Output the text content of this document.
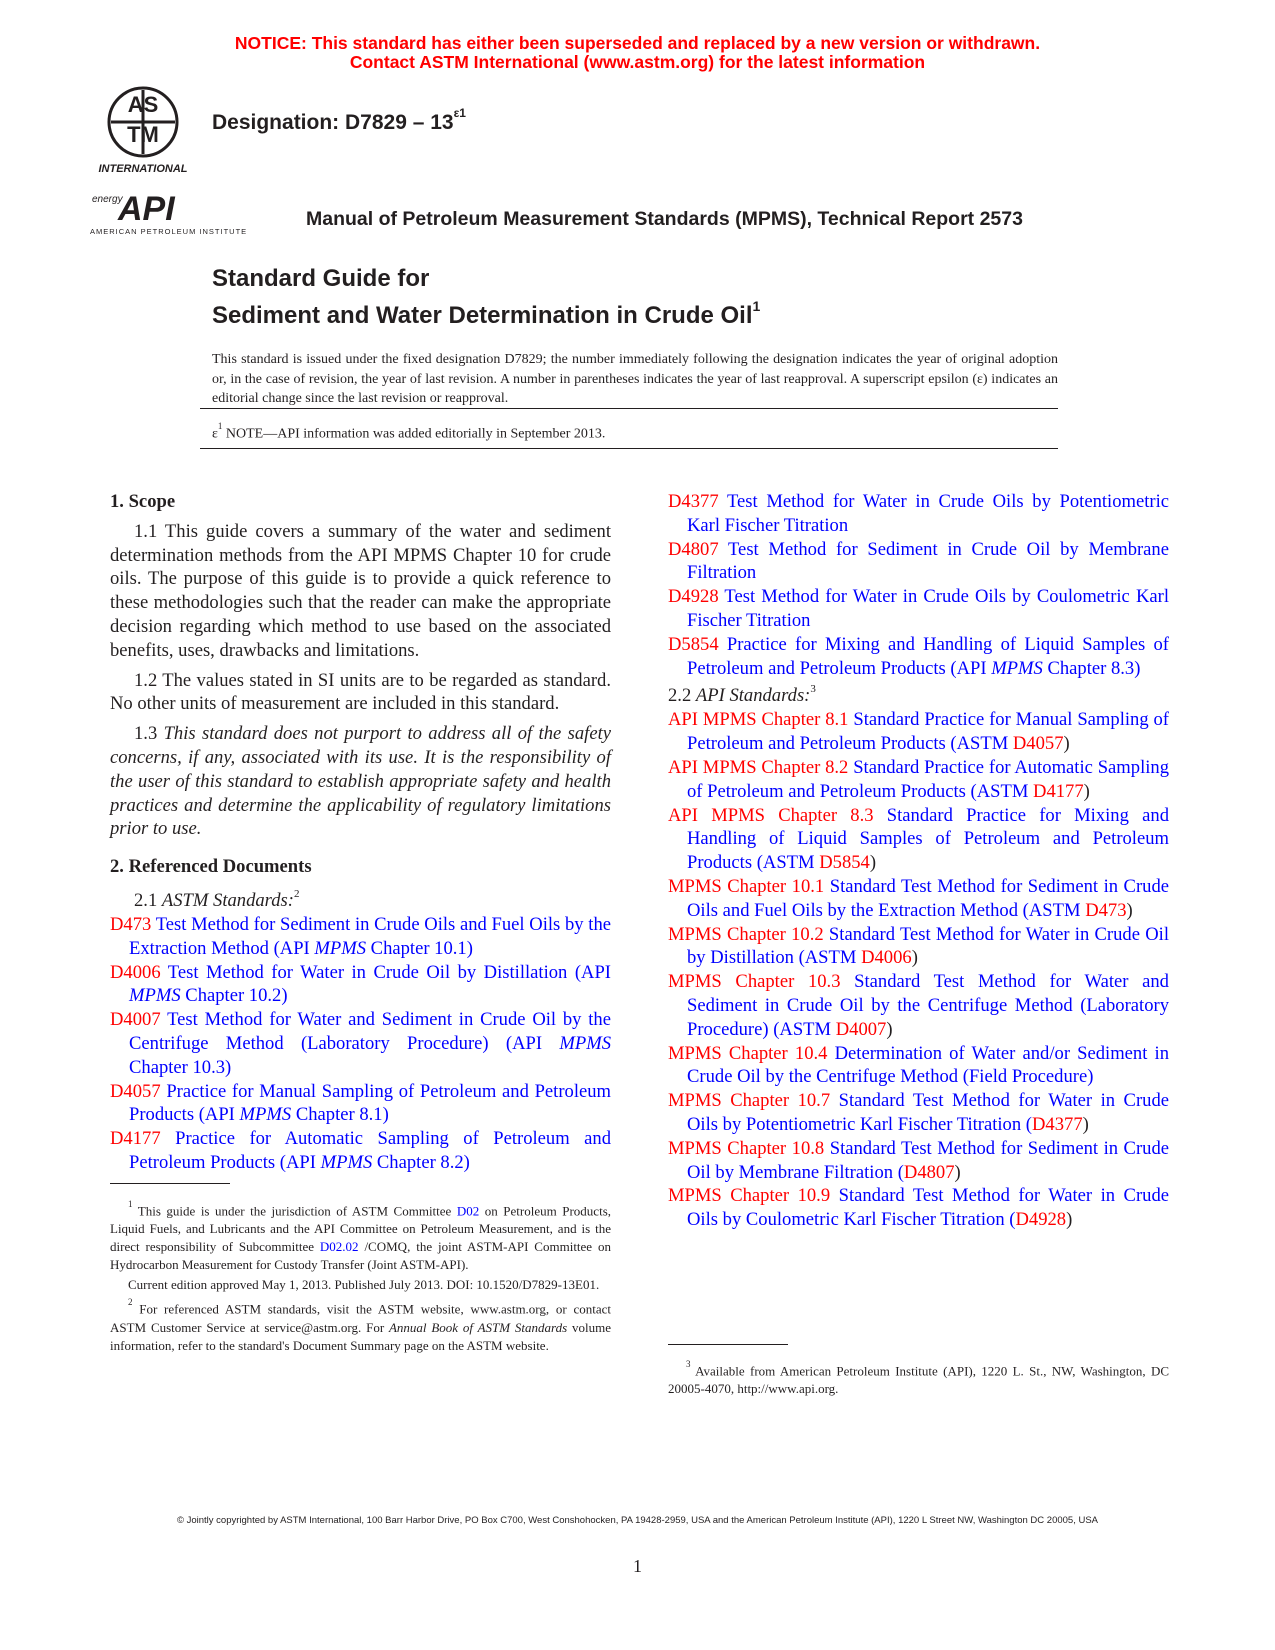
NOTICE: This standard has either been superseded and replaced by a new version or withdrawn.
Contact ASTM International (www.astm.org) for the latest information
AS
TM
INTERNATIONAL
Designation: $D7829 - 13^{\varepsilon 1}$
energy
API
AMERICAN PETROLEUM INSTITUTE
Manual of Petroleum Measurement Standards (MPMS), Technical Report 2573
Standard Guide for
Sediment and Water Determination in Crude Oil$^1$
This standard is issued under the fixed designation D7829; the number immediately following the designation indicates the year of original adoption or, in the case of revision, the year of last revision. A number in parentheses indicates the year of last reapproval. A superscript epsilon (ε) indicates an editorial change since the last revision or reapproval.
$\varepsilon^1$ NOTE—API information was added editorially in September 2013.
1. Scope

1.1 This guide covers a summary of the water and sediment determination methods from the API MPMS Chapter 10 for crude oils. The purpose of this guide is to provide a quick reference to these methodologies such that the reader can make the appropriate decision regarding which method to use based on the associated benefits, uses, drawbacks and limitations.

1.2 The values stated in SI units are to be regarded as standard. No other units of measurement are included in this standard.

1.3 This standard does not purport to address all of the safety concerns, if any, associated with its use. It is the responsibility of the user of this standard to establish appropriate safety and health practices and determine the applicability of regulatory limitations prior to use.

2. Referenced Documents
2.1 ASTM Standards:$^2$
D473 Test Method for Sediment in Crude Oils and Fuel Oils by the Extraction Method (API MPMS Chapter 10.1)
D4006 Test Method for Water in Crude Oil by Distillation (API MPMS Chapter 10.2)
D4007 Test Method for Water and Sediment in Crude Oil by the Centrifuge Method (Laboratory Procedure) (API MPMS Chapter 10.3)
D4057 Practice for Manual Sampling of Petroleum and Petroleum Products (API MPMS Chapter 8.1)
D4177 Practice for Automatic Sampling of Petroleum and Petroleum Products (API MPMS Chapter 8.2)
D4377 Test Method for Water in Crude Oils by Potentiometric Karl Fischer Titration
D4807 Test Method for Sediment in Crude Oil by Membrane Filtration
D4928 Test Method for Water in Crude Oils by Coulometric Karl Fischer Titration
D5854 Practice for Mixing and Handling of Liquid Samples of Petroleum and Petroleum Products (API MPMS Chapter 8.3)
2.2 API Standards:$^3$
API MPMS Chapter 8.1 Standard Practice for Manual Sampling of Petroleum and Petroleum Products (ASTM D4057)
API MPMS Chapter 8.2 Standard Practice for Automatic Sampling of Petroleum and Petroleum Products (ASTM D4177)
API MPMS Chapter 8.3 Standard Practice for Mixing and Handling of Liquid Samples of Petroleum and Petroleum Products (ASTM D5854)
MPMS Chapter 10.1 Standard Test Method for Sediment in Crude Oils and Fuel Oils by the Extraction Method (ASTM D473)
MPMS Chapter 10.2 Standard Test Method for Water in Crude Oil by Distillation (ASTM D4006)
MPMS Chapter 10.3 Standard Test Method for Water and Sediment in Crude Oil by the Centrifuge Method (Laboratory Procedure) (ASTM D4007)
MPMS Chapter 10.4 Determination of Water and/or Sediment in Crude Oil by the Centrifuge Method (Field Procedure)
MPMS Chapter 10.7 Standard Test Method for Water in Crude Oils by Potentiometric Karl Fischer Titration (D4377)
MPMS Chapter 10.8 Standard Test Method for Sediment in Crude Oil by Membrane Filtration (D4807)
MPMS Chapter 10.9 Standard Test Method for Water in Crude Oils by Coulometric Karl Fischer Titration (D4928)

$^1$ This guide is under the jurisdiction of ASTM Committee D02 on Petroleum Products, Liquid Fuels, and Lubricants and the API Committee on Petroleum Measurement, and is the direct responsibility of Subcommittee D02.02 /COMQ, the joint ASTM-API Committee on Hydrocarbon Measurement for Custody Transfer (Joint ASTM-API).

Current edition approved May 1, 2013. Published July 2013. DOI: 10.1520/D7829-13E01.

$^2$ For referenced ASTM standards, visit the ASTM website, www.astm.org, or contact ASTM Customer Service at service@astm.org. For Annual Book of ASTM Standards volume information, refer to the standard's Document Summary page on the ASTM website.

$^3$ Available from American Petroleum Institute (API), 1220 L. St., NW, Washington, DC 20005-4070, http://www.api.org.

© Jointly copyrighted by ASTM International, 100 Barr Harbor Drive, PO Box C700, West Conshohocken, PA 19428-2959, USA and the American Petroleum Institute (API), 1220 L Street NW, Washington DC 20005, USA
1
